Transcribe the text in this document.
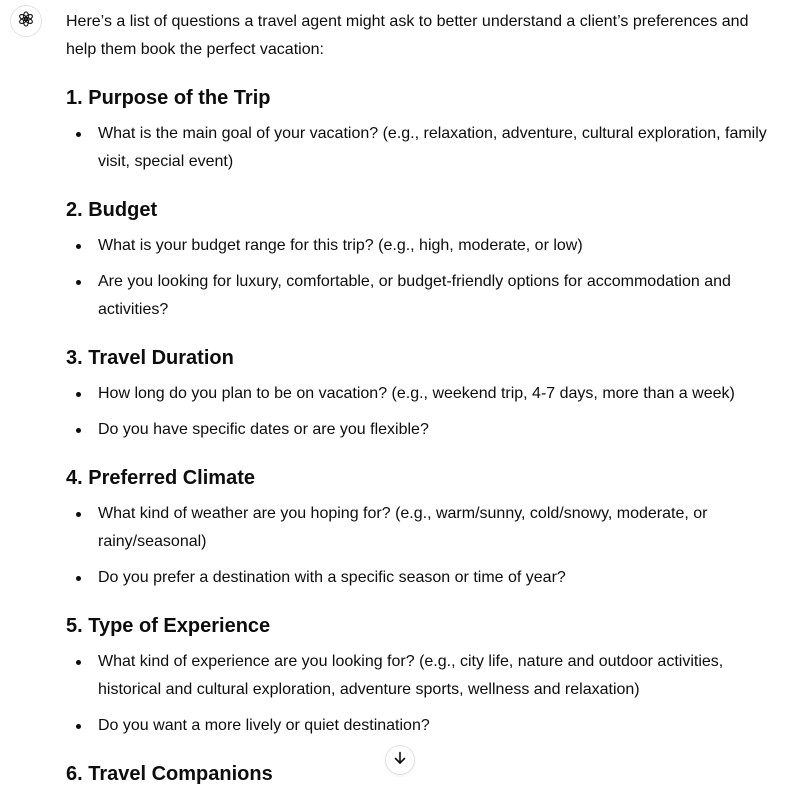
Here’s a list of questions a travel agent might ask to better understand a client’s preferences and help them book the perfect vacation:

1. Purpose of the Trip
What is the main goal of your vacation? (e.g., relaxation, adventure, cultural exploration, family visit, special event)
2. Budget
What is your budget range for this trip? (e.g., high, moderate, or low)
Are you looking for luxury, comfortable, or budget-friendly options for accommodation and activities?
3. Travel Duration
How long do you plan to be on vacation? (e.g., weekend trip, 4-7 days, more than a week)
Do you have specific dates or are you flexible?
4. Preferred Climate
What kind of weather are you hoping for? (e.g., warm/sunny, cold/snowy, moderate, or rainy/seasonal)
Do you prefer a destination with a specific season or time of year?
5. Type of Experience
What kind of experience are you looking for? (e.g., city life, nature and outdoor activities, historical and cultural exploration, adventure sports, wellness and relaxation)
Do you want a more lively or quiet destination?
6. Travel Companions
